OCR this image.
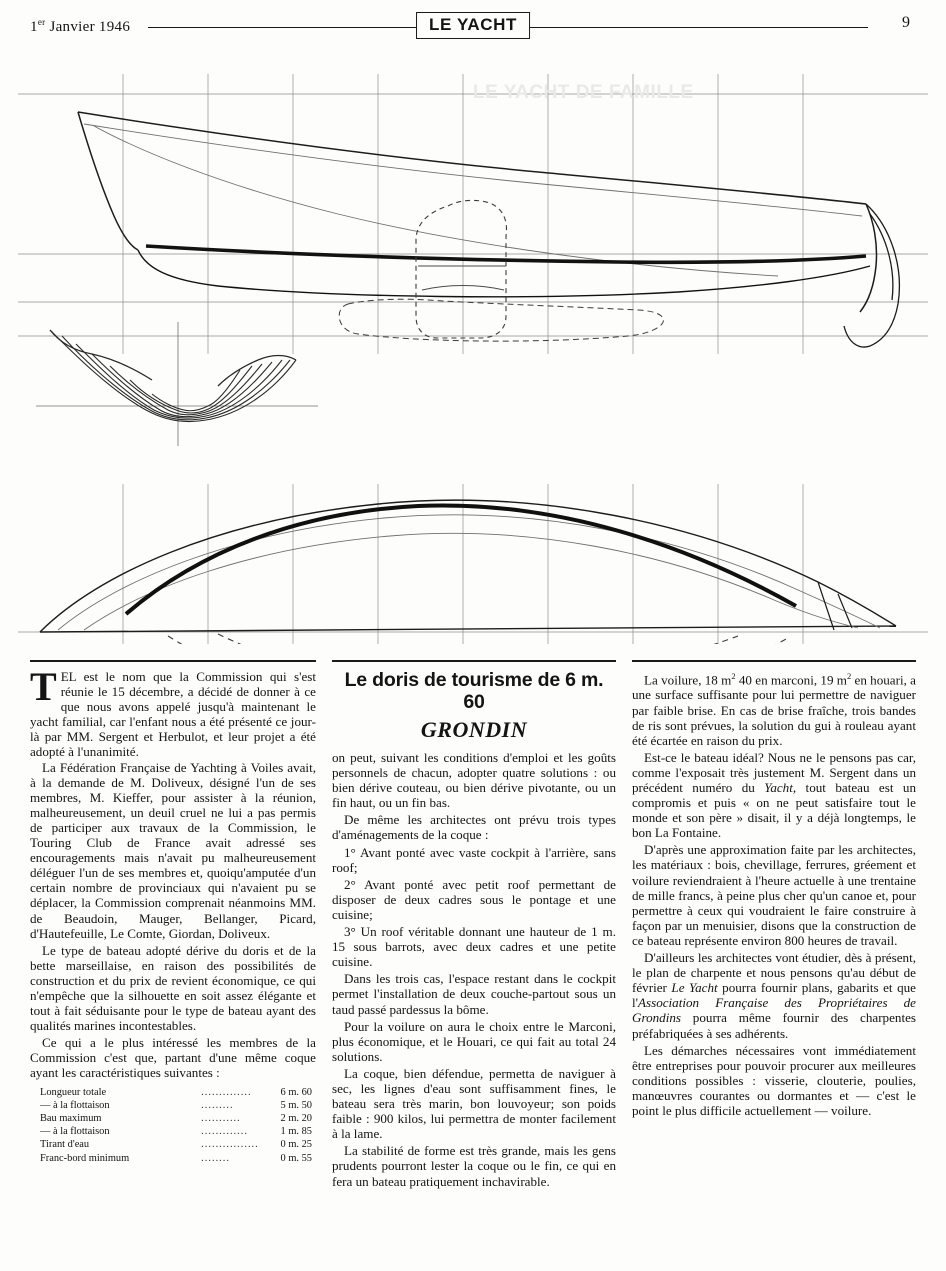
1er Janvier 1946	LE YACHT	9
LE YACHT DE FAMILLE

TEL est le nom que la Commission qui s'est réunie le 15 décembre, a décidé de donner à ce que nous avons appelé jusqu'à maintenant le yacht familial, car l'enfant nous a été présenté ce jour-là par MM. Sergent et Herbulot, et leur projet a été adopté à l'unanimité.

La Fédération Française de Yachting à Voiles avait, à la demande de M. Doliveux, désigné l'un de ses membres, M. Kieffer, pour assister à la réunion, malheureusement, un deuil cruel ne lui a pas permis de participer aux travaux de la Commission, le Touring Club de France avait adressé ses encouragements mais n'avait pu malheureusement déléguer l'un de ses membres et, quoiqu'amputée d'un certain nombre de provinciaux qui n'avaient pu se déplacer, la Commission comprenait néanmoins MM. de Beaudoin, Mauger, Bellanger, Picard, d'Hautefeuille, Le Comte, Giordan, Doliveux.

Le type de bateau adopté dérive du doris et de la bette marseillaise, en raison des possibilités de construction et du prix de revient économique, ce qui n'empêche que la silhouette en soit assez élégante et tout à fait séduisante pour le type de bateau ayant des qualités marines incontestables.

Ce qui a le plus intéressé les membres de la Commission c'est que, partant d'une même coque ayant les caractéristiques suivantes :

Longueur totale	..............	6 m. 60
— à la flottaison	.........	5 m. 50
Bau maximum	...........	2 m. 20
— à la flottaison	.............	1 m. 85
Tirant d'eau	................	0 m. 25
Franc-bord minimum	........	0 m. 55
Le doris de tourisme de 6 m. 60
GRONDIN

on peut, suivant les conditions d'emploi et les goûts personnels de chacun, adopter quatre solutions : ou bien dérive couteau, ou bien dérive pivotante, ou un fin haut, ou un fin bas.

De même les architectes ont prévu trois types d'aménagements de la coque :

1° Avant ponté avec vaste cockpit à l'arrière, sans roof;

2° Avant ponté avec petit roof permettant de disposer de deux cadres sous le pontage et une cuisine;

3° Un roof véritable donnant une hauteur de 1 m. 15 sous barrots, avec deux cadres et une petite cuisine.

Dans les trois cas, l'espace restant dans le cockpit permet l'installation de deux couche-partout sous un taud passé pardessus la bôme.

Pour la voilure on aura le choix entre le Marconi, plus économique, et le Houari, ce qui fait au total 24 solutions.

La coque, bien défendue, permetta de naviguer à sec, les lignes d'eau sont suffisamment fines, le bateau sera très marin, bon louvoyeur; son poids faible : 900 kilos, lui permettra de monter facilement à la lame.

La stabilité de forme est très grande, mais les gens prudents pourront lester la coque ou le fin, ce qui en fera un bateau pratiquement inchavirable.

La voilure, 18 $m^2$ 40 en marconi, 19 $m^2$ en houari, a une surface suffisante pour lui permettre de naviguer par faible brise. En cas de brise fraîche, trois bandes de ris sont prévues, la solution du gui à rouleau ayant été écartée en raison du prix.

Est-ce le bateau idéal? Nous ne le pensons pas car, comme l'exposait très justement M. Sergent dans un précédent numéro du Yacht, tout bateau est un compromis et puis « on ne peut satisfaire tout le monde et son père » disait, il y a déjà longtemps, le bon La Fontaine.

D'après une approximation faite par les architectes, les matériaux : bois, chevillage, ferrures, gréement et voilure reviendraient à l'heure actuelle à une trentaine de mille francs, à peine plus cher qu'un canoe et, pour permettre à ceux qui voudraient le faire construire à façon par un menuisier, disons que la construction de ce bateau représente environ 800 heures de travail.

D'ailleurs les architectes vont étudier, dès à présent, le plan de charpente et nous pensons qu'au début de février Le Yacht pourra fournir plans, gabarits et que l'Association Française des Propriétaires de Grondins pourra même fournir des charpentes préfabriquées à ses adhérents.

Les démarches nécessaires vont immédiatement être entreprises pour pouvoir procurer aux meilleures conditions possibles : visserie, clouterie, poulies, manœuvres courantes ou dormantes et — c'est le point le plus difficile actuellement — voilure.
